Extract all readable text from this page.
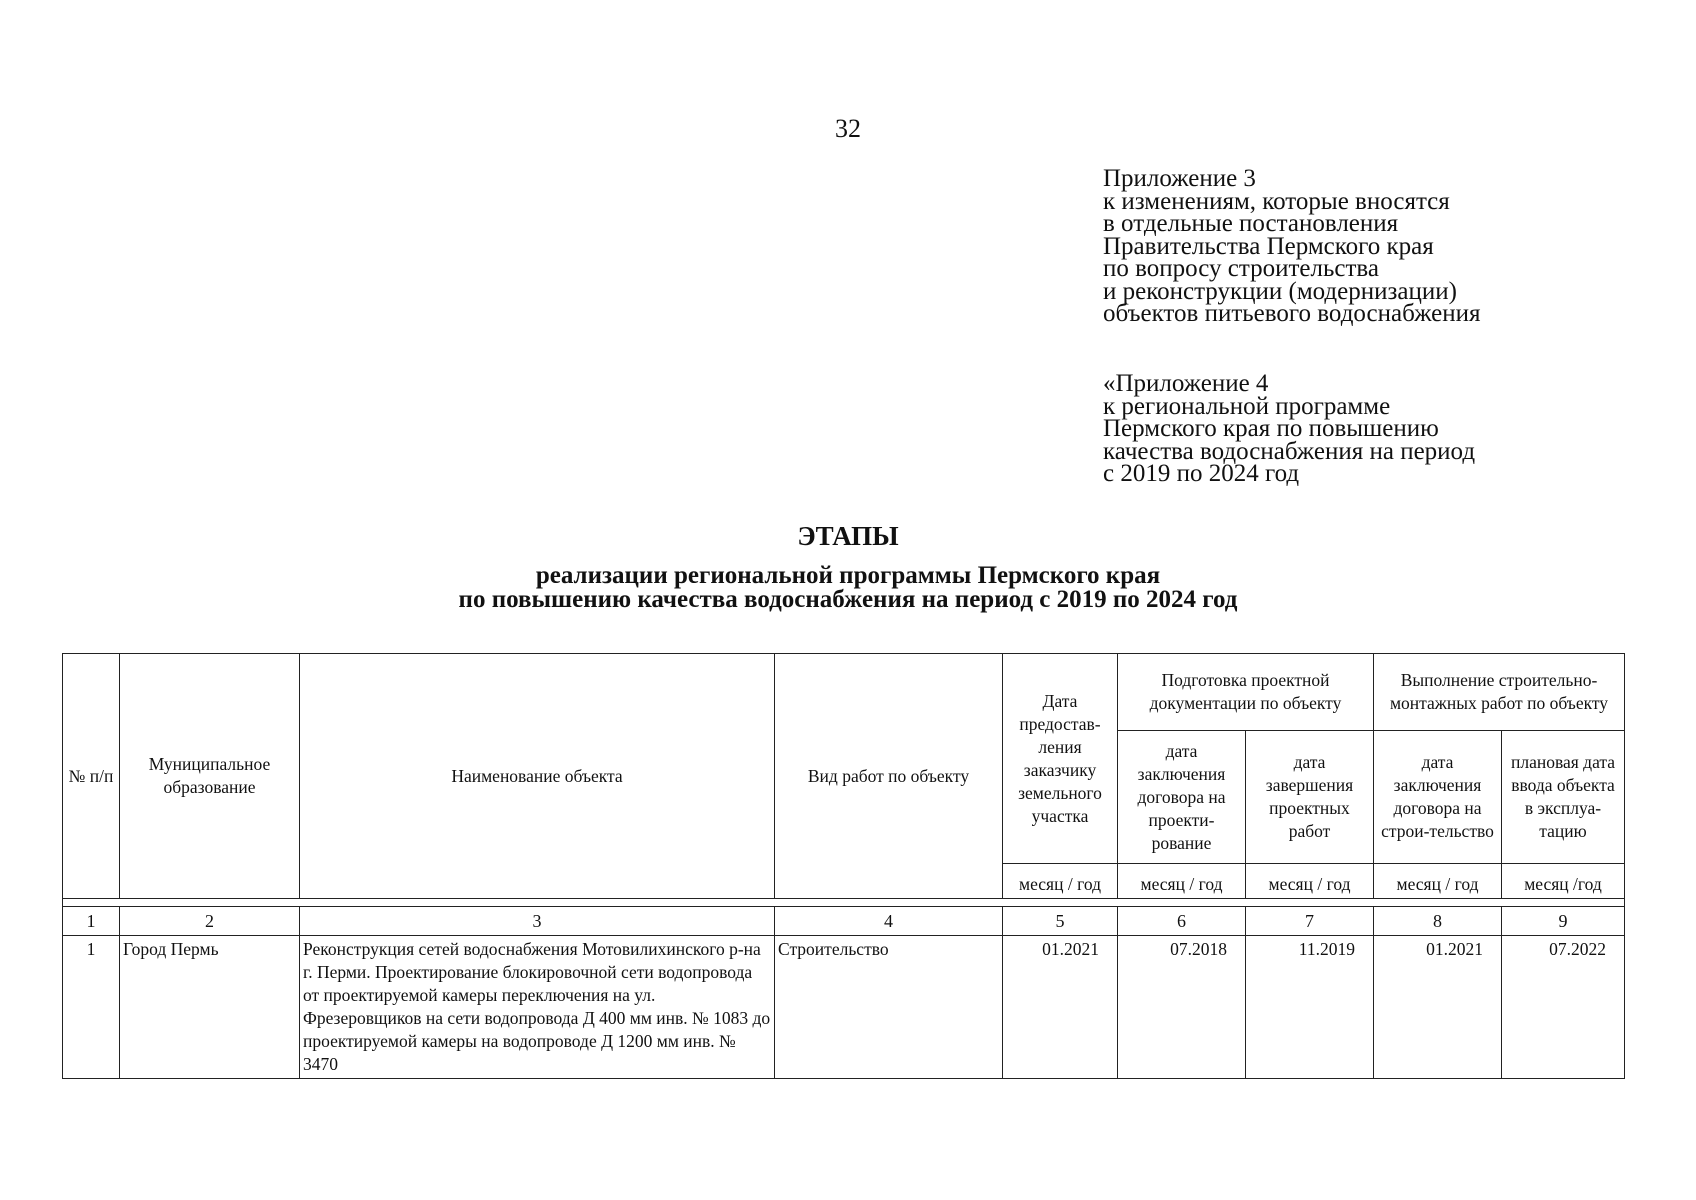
32
Приложение 3
к изменениям, которые вносятся
в отдельные постановления
Правительства Пермского края
по вопросу строительства
и реконструкции (модернизации)
объектов питьевого водоснабжения
«Приложение 4
к региональной программе
Пермского края по повышению
качества водоснабжения на период
с 2019 по 2024 год
ЭТАПЫ
реализации региональной программы Пермского края
по повышению качества водоснабжения на период с 2019 по 2024 год
№ п/п	Муниципальное образование	Наименование объекта	Вид работ по объекту	Дата предостав-ления заказчику земельного участка	Подготовка проектной документации по объекту		Выполнение строительно-монтажных работ по объекту	
					дата заключения договора на проекти-рование	дата завершения проектных работ	дата заключения договора на строи-тельство	плановая дата ввода объекта в эксплуа-тацию
				месяц / год	месяц / год	месяц / год	месяц / год	месяц /год

1	2	3	4	5	6	7	8	9
1	Город Пермь	Реконструкция сетей водоснабжения Мотовилихинского р-на г. Перми. Проектирование блокировочной сети водопровода от проектируемой камеры переключения на ул. Фрезеровщиков на сети водопровода Д 400 мм инв. № 1083 до проектируемой камеры на водопроводе Д 1200 мм инв. № 3470	Строительство	01.2021	07.2018	11.2019	01.2021	07.2022
